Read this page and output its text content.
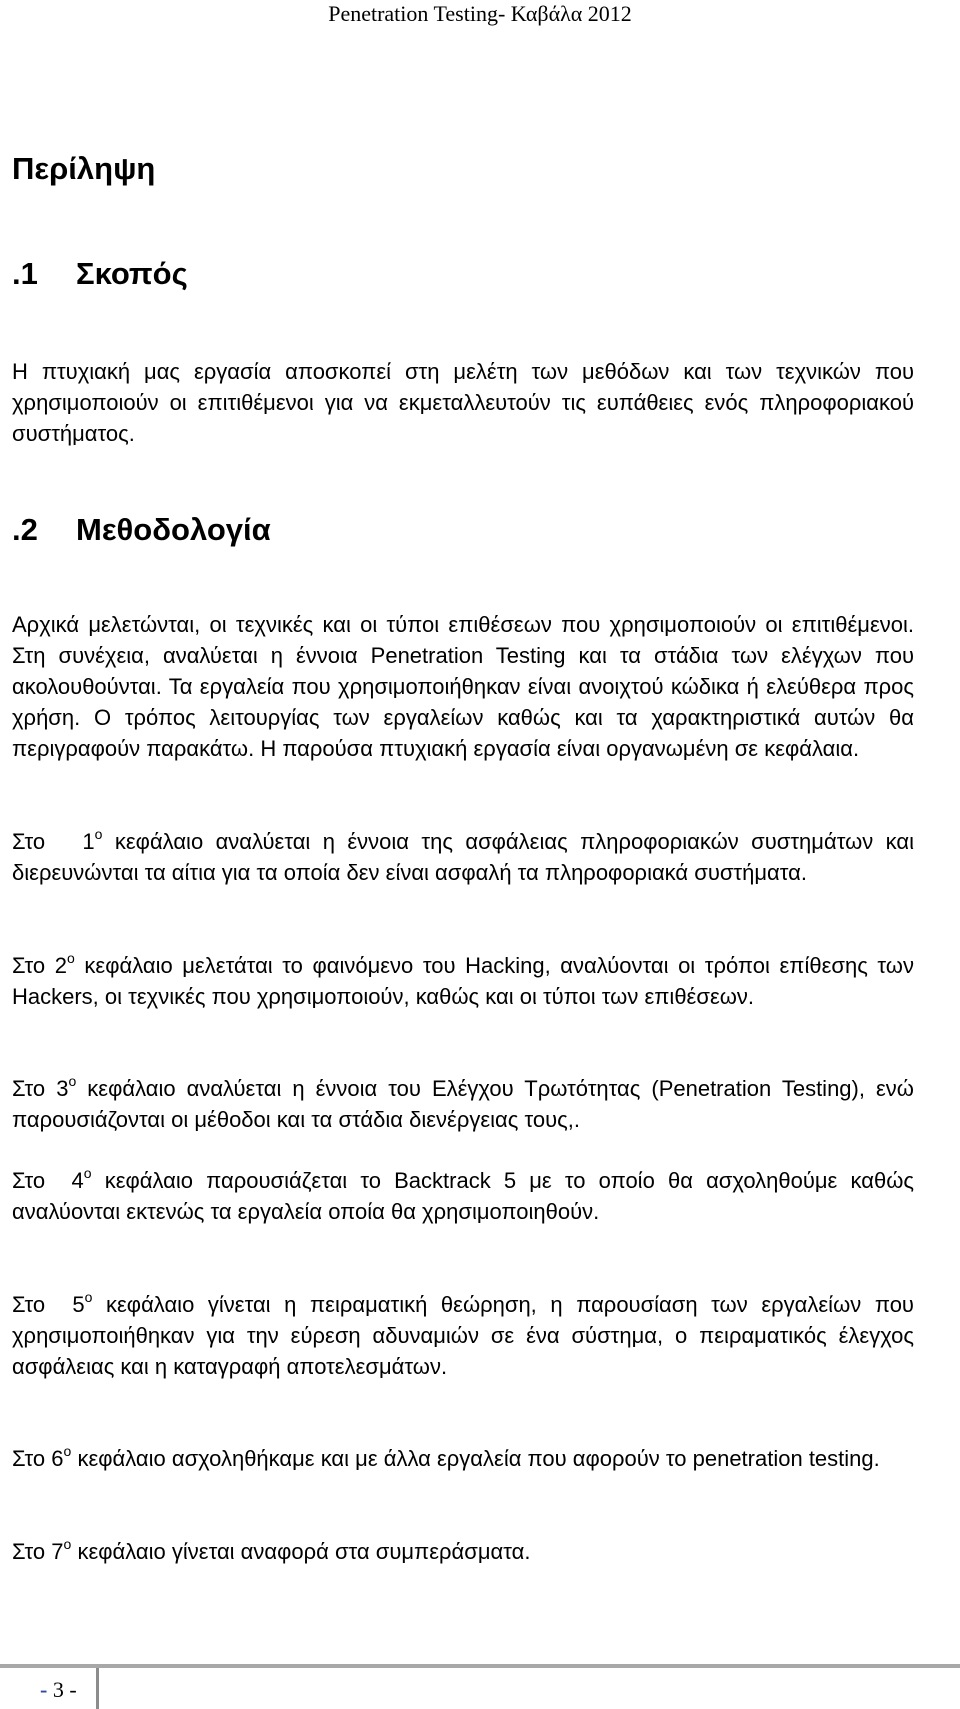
Penetration Testing- Καβάλα 2012
Περίληψη
.1 Σκοπός

Η πτυχιακή μας εργασία αποσκοπεί στη μελέτη των μεθόδων και των τεχνικών που χρησιμοποιούν οι επιτιθέμενοι για να εκμεταλλευτούν τις ευπάθειες ενός πληροφοριακού συστήματος.

.2 Μεθοδολογία

Αρχικά μελετώνται, οι τεχνικές και οι τύποι επιθέσεων που χρησιμοποιούν οι επιτιθέμενοι. Στη συνέχεια, αναλύεται η έννοια Penetration Testing και τα στάδια των ελέγχων που ακολουθούνται. Τα εργαλεία που χρησιμοποιήθηκαν είναι ανοιχτού κώδικα ή ελεύθερα προς χρήση. Ο τρόπος λειτουργίας των εργαλείων καθώς και τα χαρακτηριστικά αυτών θα περιγραφούν παρακάτω. Η παρούσα πτυχιακή εργασία είναι οργανωμένη σε κεφάλαια.

Στο $1^o$ κεφάλαιο αναλύεται η έννοια της ασφάλειας πληροφοριακών συστημάτων και διερευνώνται τα αίτια για τα οποία δεν είναι ασφαλή τα πληροφοριακά συστήματα.

Στο $2^o$ κεφάλαιο μελετάται το φαινόμενο του Hacking, αναλύονται οι τρόποι επίθεσης των Hackers, οι τεχνικές που χρησιμοποιούν, καθώς και οι τύποι των επιθέσεων.

Στο $3^o$ κεφάλαιο αναλύεται η έννοια του Ελέγχου Τρωτότητας (Penetration Testing), ενώ παρουσιάζονται οι μέθοδοι και τα στάδια διενέργειας τους,.

Στο $4^o$ κεφάλαιο παρουσιάζεται το Backtrack 5 με το οποίο θα ασχοληθούμε καθώς αναλύονται εκτενώς τα εργαλεία οποία θα χρησιμοποιηθούν.

Στο $5^o$ κεφάλαιο γίνεται η πειραματική θεώρηση, η παρουσίαση των εργαλείων που χρησιμοποιήθηκαν για την εύρεση αδυναμιών σε ένα σύστημα, ο πειραματικός έλεγχος ασφάλειας και η καταγραφή αποτελεσμάτων.

Στο $6^o$ κεφάλαιο ασχοληθήκαμε και με άλλα εργαλεία που αφορούν το penetration testing.

Στο $7^o$ κεφάλαιο γίνεται αναφορά στα συμπεράσματα.

- 3 -
